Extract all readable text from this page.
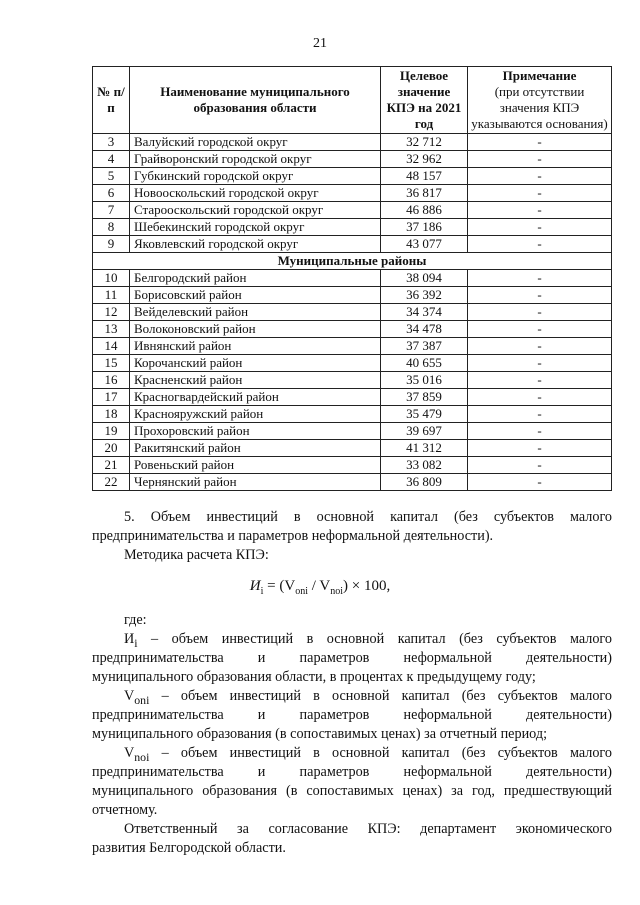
21
№ п/п	Наименование муниципального образования области	Целевое значение КПЭ на 2021 год	Примечание
(при отсутствии значения КПЭ указываются основания)

3	Валуйский городской округ	32 712	-
4	Грайворонский городской округ	32 962	-
5	Губкинский городской округ	48 157	-
6	Новооскольский городской округ	36 817	-
7	Старооскольский городской округ	46 886	-
8	Шебекинский городской округ	37 186	-
9	Яковлевский городской округ	43 077	-
Муниципальные районы			
10	Белгородский район	38 094	-
11	Борисовский район	36 392	-
12	Вейделевский район	34 374	-
13	Волоконовский район	34 478	-
14	Ивнянский район	37 387	-
15	Корочанский район	40 655	-
16	Красненский район	35 016	-
17	Красногвардейский район	37 859	-
18	Краснояружский район	35 479	-
19	Прохоровский район	39 697	-
20	Ракитянский район	41 312	-
21	Ровеньский район	33 082	-
22	Чернянский район	36 809	-
5. Объем инвестиций в основной капитал (без субъектов малого
предпринимательства и параметров неформальной деятельности).
Методика расчета КПЭ:
$И_i = (V_{oni} / V_{noi}) \times 100$,
где:
$И_i$ – объем инвестиций в основной капитал (без субъектов малого
предпринимательства и параметров неформальной деятельности)
муниципального образования области, в процентах к предыдущему году;
$V_{oni}$ – объем инвестиций в основной капитал (без субъектов малого
предпринимательства и параметров неформальной деятельности)
муниципального образования (в сопоставимых ценах) за отчетный период;
$V_{noi}$ – объем инвестиций в основной капитал (без субъектов малого
предпринимательства и параметров неформальной деятельности)
муниципального образования (в сопоставимых ценах) за год, предшествующий
отчетному.
Ответственный за согласование КПЭ: департамент экономического
развития Белгородской области.
